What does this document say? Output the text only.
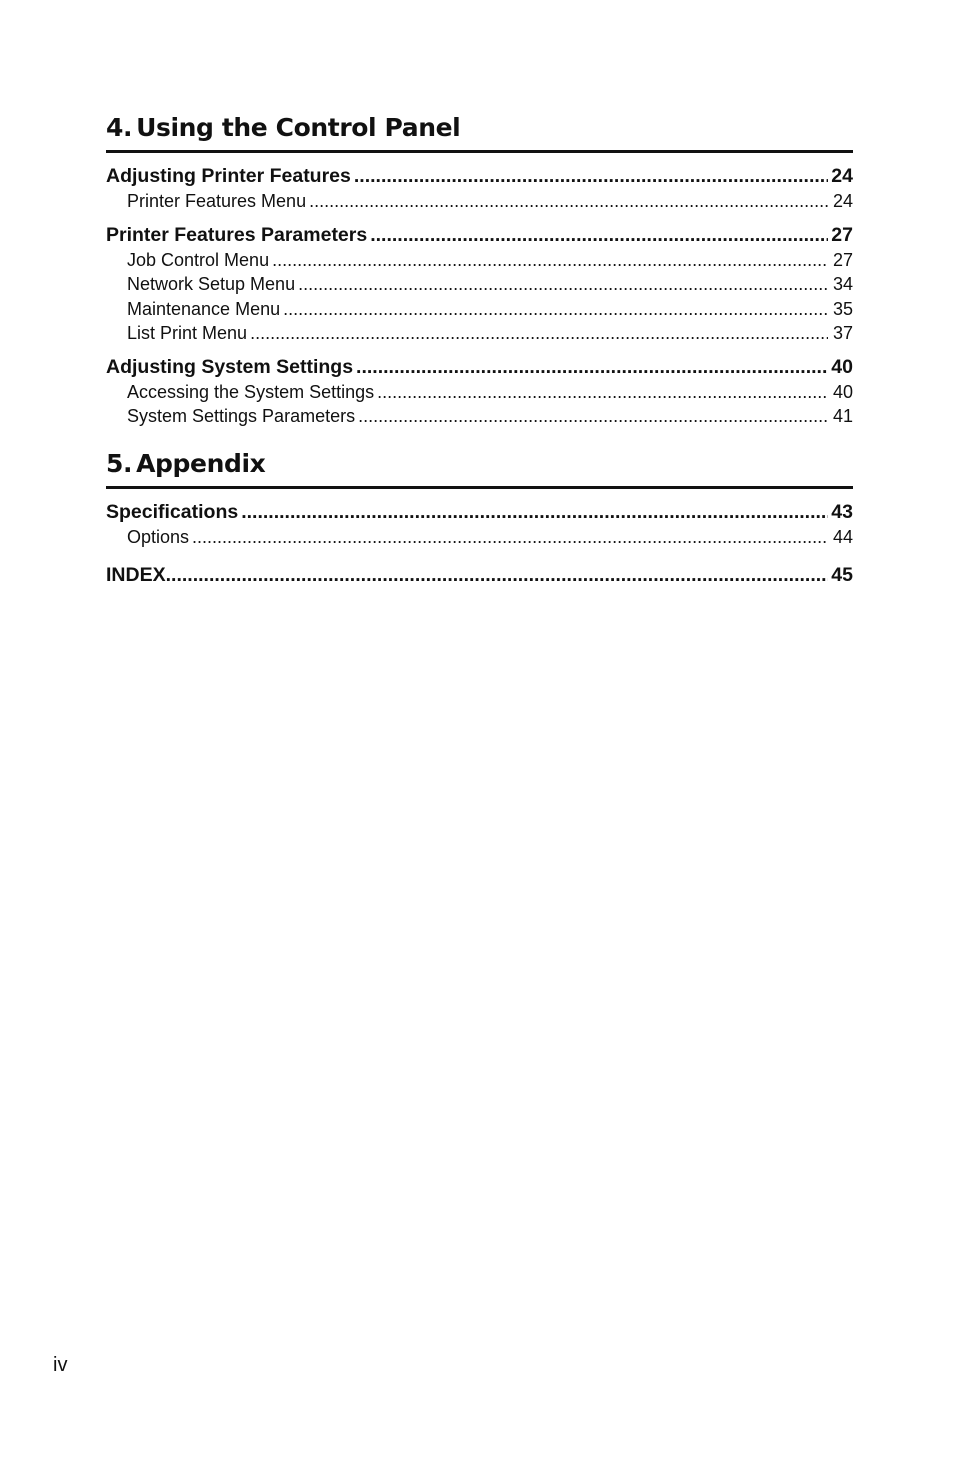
4. Using the Control Panel
Adjusting Printer Features .....	24
Printer Features Menu .....	24
Printer Features Parameters .....	27
Job Control Menu .....	27
Network Setup Menu .....	34
Maintenance Menu .....	35
List Print Menu .....	37
Adjusting System Settings .....	40
Accessing the System Settings .....	40
System Settings Parameters .....	41
5. Appendix
Specifications .....	43
Options .....	44
INDEX .....	45
iv
